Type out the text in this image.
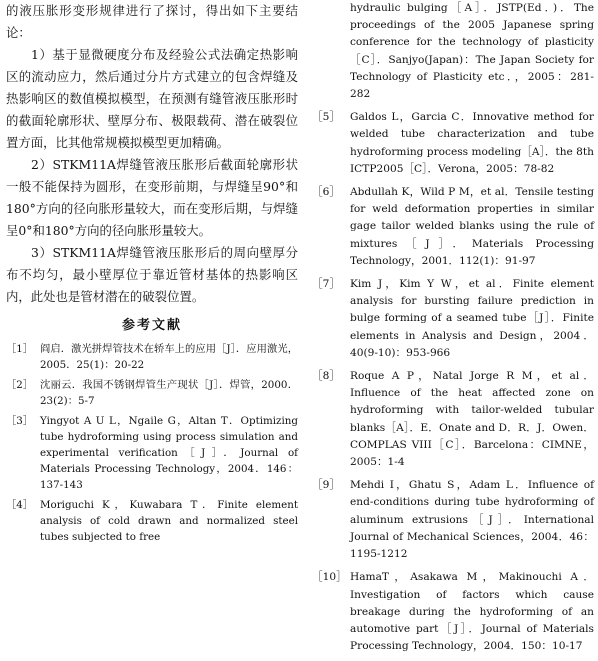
的液压胀形变形规律进行了探讨，得出如下主要结论：

1）基于显微硬度分布及经验公式法确定热影响区的流动应力，然后通过分片方式建立的包含焊缝及热影响区的数值模拟模型，在预测有缝管液压胀形时的截面轮廓形状、壁厚分布、极限载荷、潜在破裂位置方面，比其他常规模拟模型更加精确。

2）STKM11A焊缝管液压胀形后截面轮廓形状一般不能保持为圆形，在变形前期，与焊缝呈90°和180°方向的径向胀形量较大，而在变形后期，与焊缝呈0°和180°方向的径向胀形量较大。

3）STKM11A焊缝管液压胀形后的周向壁厚分布不均匀，最小壁厚位于靠近管材基体的热影响区内，此处也是管材潜在的破裂位置。

参考文献
［1］ 阎启．激光拼焊管技术在轿车上的应用［J］．应用激光，2005．25(1)：20-22
［2］ 沈丽云．我国不锈钢焊管生产现状［J］．焊管，2000．23(2)：5-7
［3］ Yingyot A U L，Ngaile G，Altan T．Optimizing tube hydroforming using process simulation and experimental verification［J］．Journal of Materials Processing Technology，2004．146：137-143
［4］ Moriguchi K，Kuwabara T．Finite element analysis of cold drawn and normalized steel tubes subjected to free
hydraulic bulging［A］．JSTP(Ed．)．The proceedings of the 2005 Japanese spring conference for the technology of plasticity［C］．Sanjyo(Japan)：The Japan Society for Technology of Plasticity etc．，2005：281-282
［5］ Galdos L，Garcia C．Innovative method for welded tube characterization and tube hydroforming process modeling［A］．the 8th ICTP2005［C］．Verona，2005：78-82
［6］ Abdullah K，Wild P M，et al．Tensile testing for weld deformation properties in similar gage tailor welded blanks using the rule of mixtures［J］．Materials Processing Technology，2001．112(1)：91-97
［7］ Kim J，Kim Y W，et al．Finite element analysis for bursting failure prediction in bulge forming of a seamed tube［J］．Finite elements in Analysis and Design，2004．40(9-10)：953-966
［8］ Roque A P，Natal Jorge R M，et al．Influence of the heat affected zone on hydroforming with tailor-welded tubular blanks［A］．E．Onate and D．R．J．Owen．COMPLAS VIII［C］．Barcelona：CIMNE，2005：1-4
［9］ Mehdi I，Ghatu S，Adam L．Influence of end-conditions during tube hydroforming of aluminum extrusions［J］．International Journal of Mechanical Sciences，2004．46：1195-1212
［10］ HamaT，Asakawa M，Makinouchi A．Investigation of factors which cause breakage during the hydroforming of an automotive part［J］．Journal of Materials Processing Technology，2004．150：10-17
